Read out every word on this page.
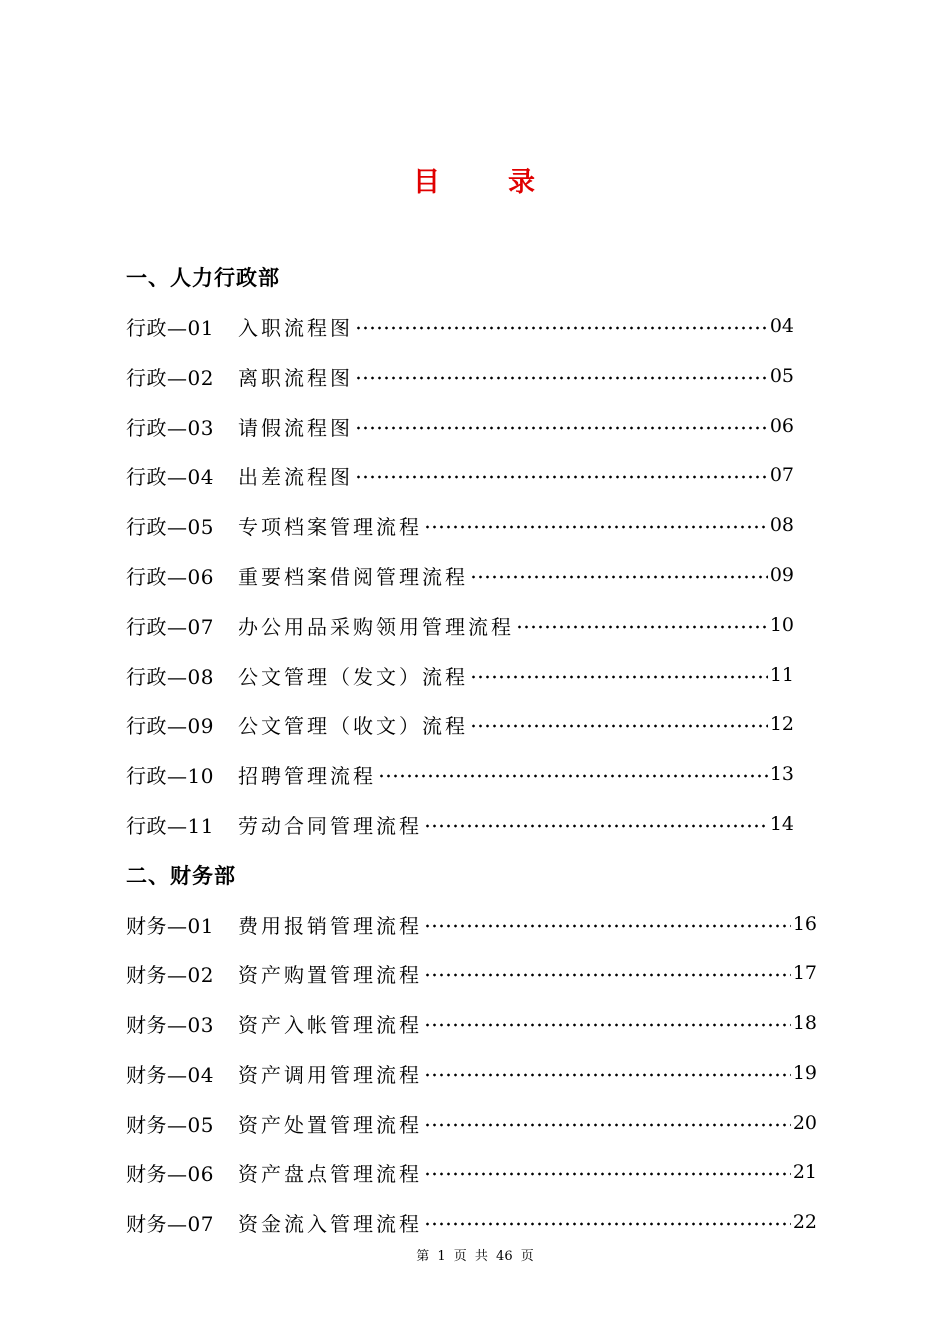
目 录
一、人力行政部
行政—01	入职流程图	04
行政—02	离职流程图	05
行政—03	请假流程图	06
行政—04	出差流程图	07
行政—05	专项档案管理流程	08
行政—06	重要档案借阅管理流程	09
行政—07	办公用品采购领用管理流程	10
行政—08	公文管理（发文）流程	11
行政—09	公文管理（收文）流程	12
行政—10	招聘管理流程	13
行政—11	劳动合同管理流程	14
二、财务部
财务—01	费用报销管理流程	16
财务—02	资产购置管理流程	17
财务—03	资产入帐管理流程	18
财务—04	资产调用管理流程	19
财务—05	资产处置管理流程	20
财务—06	资产盘点管理流程	21
财务—07	资金流入管理流程	22
第 1 页 共 46 页
